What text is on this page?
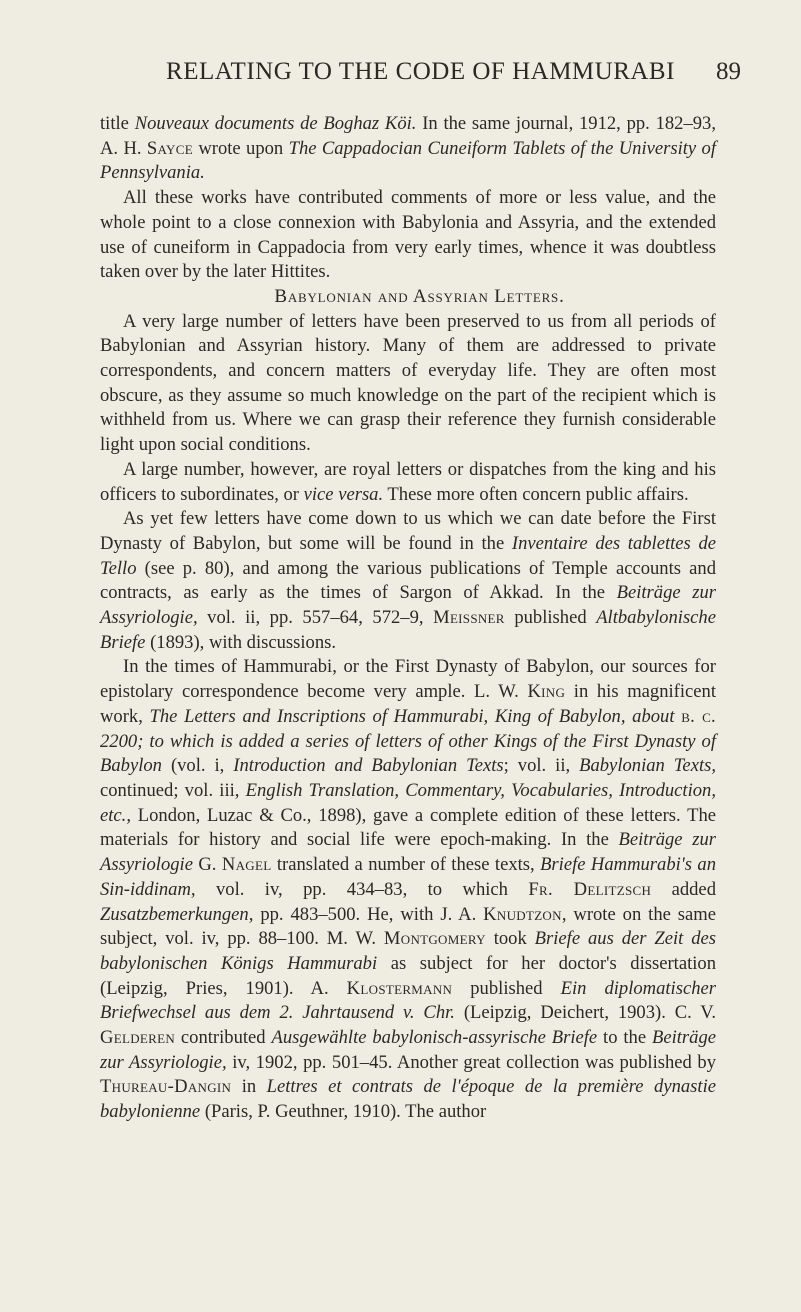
RELATING TO THE CODE OF HAMMURABI	89

title Nouveaux documents de Boghaz Köi. In the same journal, 1912, pp. 182–93, A. H. Sayce wrote upon The Cappadocian Cuneiform Tablets of the University of Pennsylvania.

All these works have contributed comments of more or less value, and the whole point to a close connexion with Babylonia and Assyria, and the extended use of cuneiform in Cappadocia from very early times, whence it was doubtless taken over by the later Hittites.

Babylonian and Assyrian Letters.

A very large number of letters have been preserved to us from all periods of Babylonian and Assyrian history. Many of them are addressed to private correspondents, and concern matters of everyday life. They are often most obscure, as they assume so much knowledge on the part of the recipient which is withheld from us. Where we can grasp their reference they furnish considerable light upon social conditions.

A large number, however, are royal letters or dispatches from the king and his officers to subordinates, or vice versa. These more often concern public affairs.

As yet few letters have come down to us which we can date before the First Dynasty of Babylon, but some will be found in the Inventaire des tablettes de Tello (see p. 80), and among the various publications of Temple accounts and contracts, as early as the times of Sargon of Akkad. In the Beiträge zur Assyriologie, vol. ii, pp. 557–64, 572–9, Meissner published Altbabylonische Briefe (1893), with discussions.

In the times of Hammurabi, or the First Dynasty of Babylon, our sources for epistolary correspondence become very ample. L. W. King in his magnificent work, The Letters and Inscriptions of Hammurabi, King of Babylon, about b. c. 2200; to which is added a series of letters of other Kings of the First Dynasty of Babylon (vol. i, Introduction and Babylonian Texts; vol. ii, Babylonian Texts, continued; vol. iii, English Translation, Commentary, Vocabularies, Introduction, etc., London, Luzac & Co., 1898), gave a complete edition of these letters. The materials for history and social life were epoch-making. In the Beiträge zur Assyriologie G. Nagel translated a number of these texts, Briefe Hammurabi's an Sin-iddinam, vol. iv, pp. 434–83, to which Fr. Delitzsch added Zusatzbemerkungen, pp. 483–500. He, with J. A. Knudtzon, wrote on the same subject, vol. iv, pp. 88–100. M. W. Montgomery took Briefe aus der Zeit des babylonischen Königs Hammurabi as subject for her doctor's dissertation (Leipzig, Pries, 1901). A. Klostermann published Ein diplomatischer Briefwechsel aus dem 2. Jahrtausend v. Chr. (Leipzig, Deichert, 1903). C. V. Gelderen contributed Ausgewählte babylonisch-assyrische Briefe to the Beiträge zur Assyriologie, iv, 1902, pp. 501–45. Another great collection was published by Thureau-Dangin in Lettres et contrats de l'époque de la première dynastie babylonienne (Paris, P. Geuthner, 1910). The author
